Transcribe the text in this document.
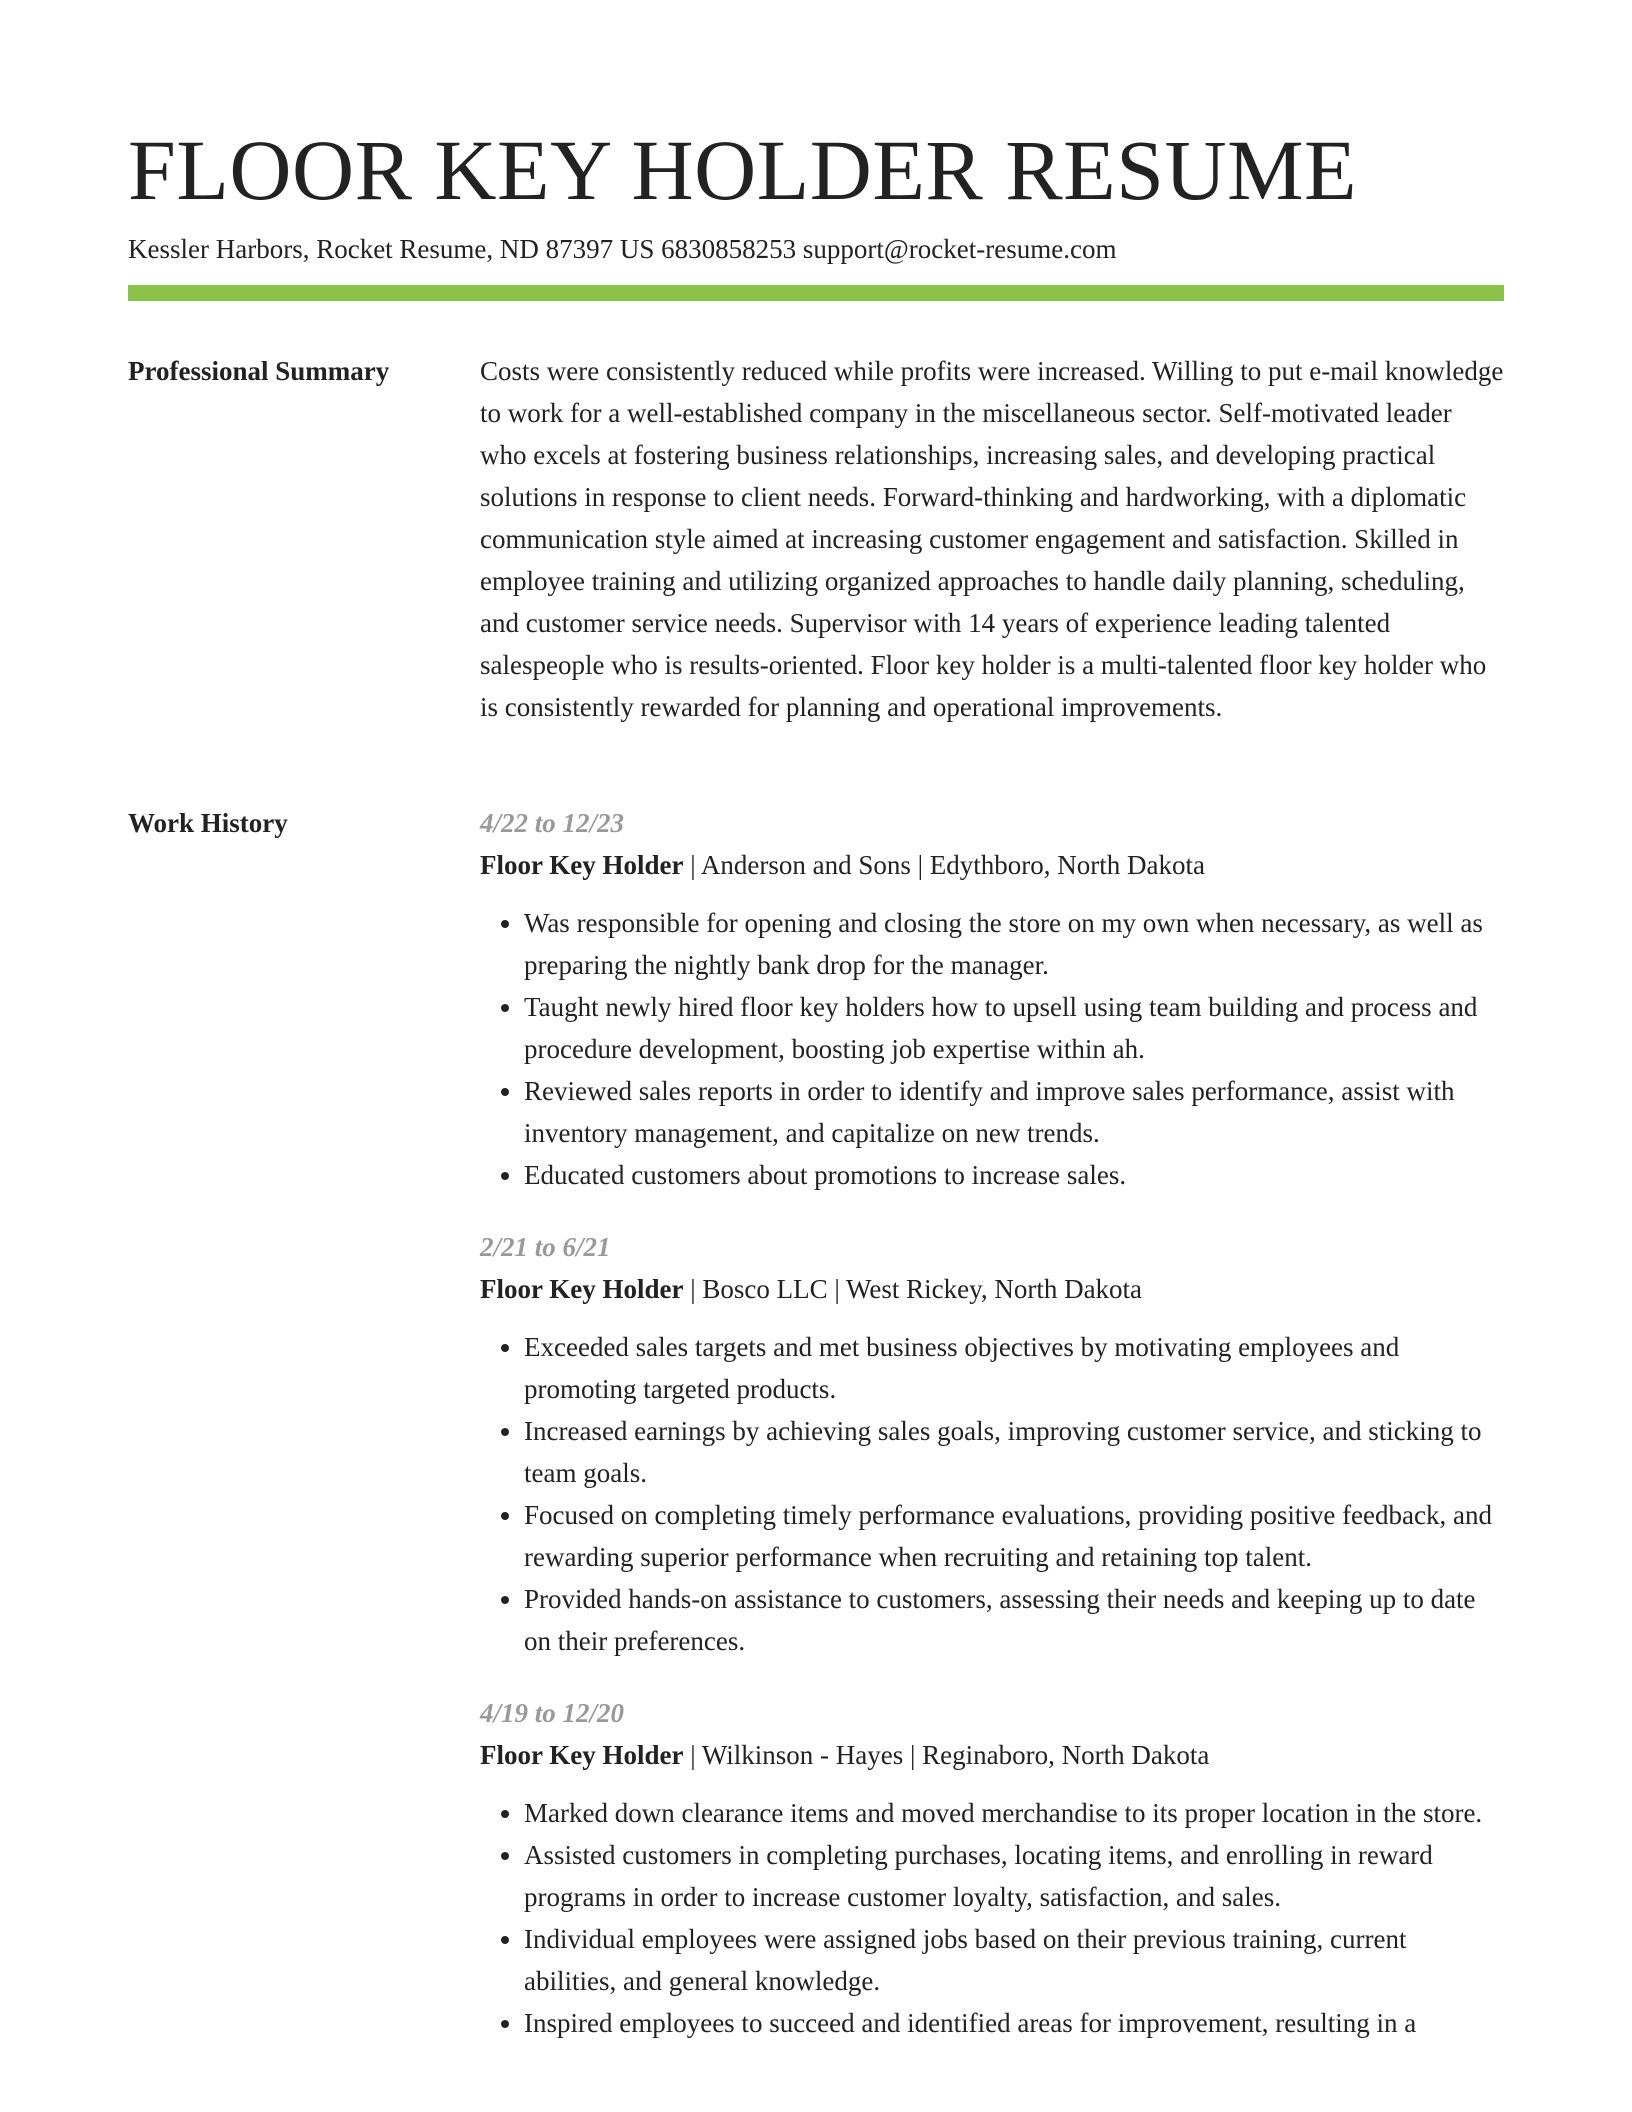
FLOOR KEY HOLDER RESUME
Kessler Harbors, Rocket Resume, ND 87397 US 6830858253 support@rocket-resume.com
Professional Summary	Costs were consistently reduced while profits were increased. Willing to put e-mail knowledge to work for a well-established company in the miscellaneous sector. Self-motivated leader who excels at fostering business relationships, increasing sales, and developing practical solutions in response to client needs. Forward-thinking and hardworking, with a diplomatic communication style aimed at increasing customer engagement and satisfaction. Skilled in employee training and utilizing organized approaches to handle daily planning, scheduling, and customer service needs. Supervisor with 14 years of experience leading talented salespeople who is results-oriented. Floor key holder is a multi-talented floor key holder who is consistently rewarded for planning and operational improvements.

Work History	4/22 to 12/23
Floor Key Holder | Anderson and Sons | Edythboro, North Dakota
• Was responsible for opening and closing the store on my own when necessary, as well as preparing the nightly bank drop for the manager.
• Taught newly hired floor key holders how to upsell using team building and process and procedure development, boosting job expertise within ah.
• Reviewed sales reports in order to identify and improve sales performance, assist with inventory management, and capitalize on new trends.
• Educated customers about promotions to increase sales.
2/21 to 6/21
Floor Key Holder | Bosco LLC | West Rickey, North Dakota
• Exceeded sales targets and met business objectives by motivating employees and promoting targeted products.
• Increased earnings by achieving sales goals, improving customer service, and sticking to team goals.
• Focused on completing timely performance evaluations, providing positive feedback, and rewarding superior performance when recruiting and retaining top talent.
• Provided hands-on assistance to customers, assessing their needs and keeping up to date on their preferences.
4/19 to 12/20
Floor Key Holder | Wilkinson - Hayes | Reginaboro, North Dakota
• Marked down clearance items and moved merchandise to its proper location in the store.
• Assisted customers in completing purchases, locating items, and enrolling in reward programs in order to increase customer loyalty, satisfaction, and sales.
• Individual employees were assigned jobs based on their previous training, current abilities, and general knowledge.
• Inspired employees to succeed and identified areas for improvement, resulting in a
